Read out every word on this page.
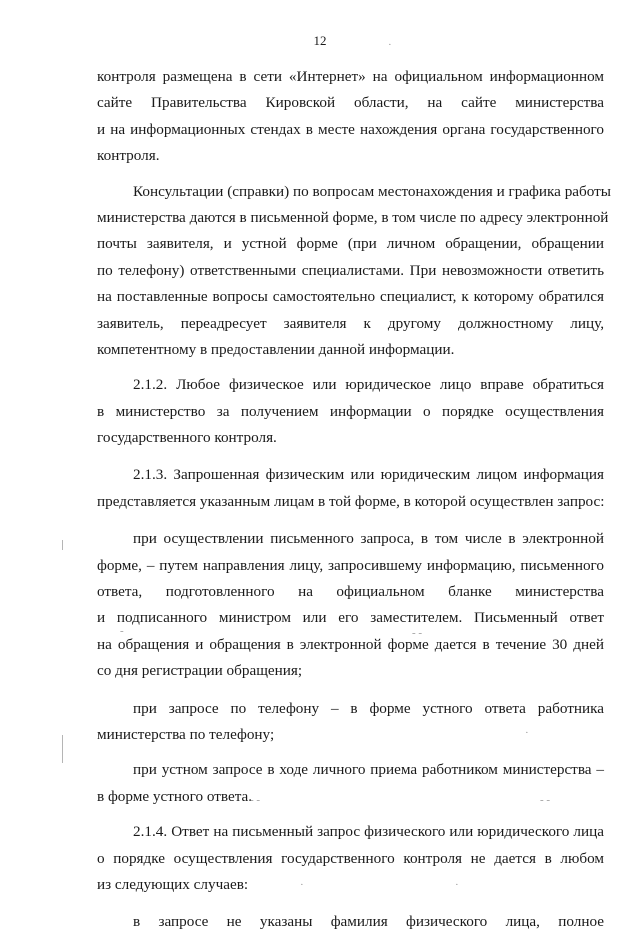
12
контроля размещена в сети «Интернет» на официальном информационном
сайте Правительства Кировской области, на сайте министерства
и на информационных стендах в месте нахождения органа государственного
контроля.
Консультации (справки) по вопросам местонахождения и графика работы
министерства даются в письменной форме, в том числе по адресу электронной
почты заявителя, и устной форме (при личном обращении, обращении
по телефону) ответственными специалистами. При невозможности ответить
на поставленные вопросы самостоятельно специалист, к которому обратился
заявитель, переадресует заявителя к другому должностному лицу,
компетентному в предоставлении данной информации.
2.1.2. Любое физическое или юридическое лицо вправе обратиться
в министерство за получением информации о порядке осуществления
государственного контроля.
2.1.3. Запрошенная физическим или юридическим лицом информация
представляется указанным лицам в той форме, в которой осуществлен запрос:
при осуществлении письменного запроса, в том числе в электронной
форме, – путем направления лицу, запросившему информацию, письменного
ответа, подготовленного на официальном бланке министерства
и подписанного министром или его заместителем. Письменный ответ
на обращения и обращения в электронной форме дается в течение 30 дней
со дня регистрации обращения;
при запросе по телефону – в форме устного ответа работника
министерства по телефону;
при устном запросе в ходе личного приема работником министерства –
в форме устного ответа.
2.1.4. Ответ на письменный запрос физического или юридического лица
о порядке осуществления государственного контроля не дается в любом
из следующих случаев:
в запросе не указаны фамилия физического лица, полное
·
‑	‑ ‑
‑ ‑	‑ ‑
·
·	·
